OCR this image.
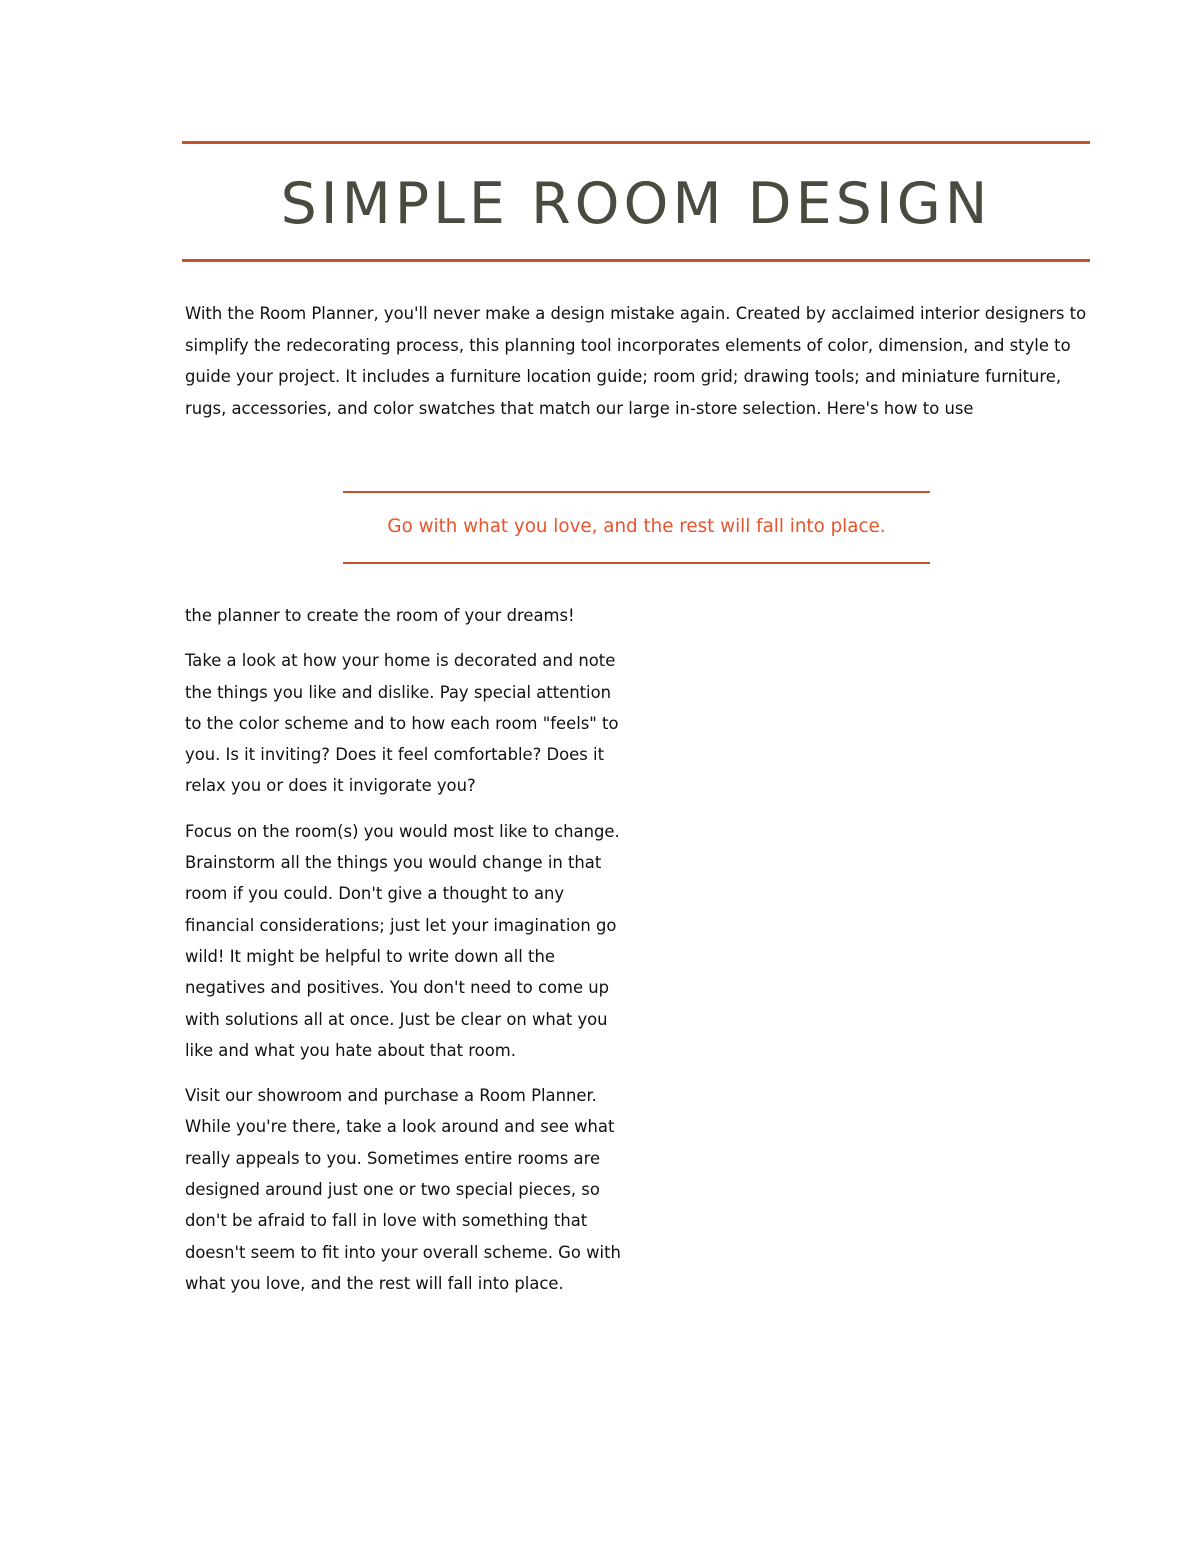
SIMPLE ROOM DESIGN

With the Room Planner, you'll never make a design mistake again. Created by acclaimed interior designers to simplify the redecorating process, this planning tool incorporates elements of color, dimension, and style to guide your project. It includes a furniture location guide; room grid; drawing tools; and miniature furniture, rugs, accessories, and color swatches that match our large in-store selection. Here's how to use

Go with what you love, and the rest will fall into place.

the planner to create the room of your dreams!

Take a look at how your home is decorated and note the things you like and dislike. Pay special attention to the color scheme and to how each room "feels" to you. Is it inviting? Does it feel comfortable? Does it relax you or does it invigorate you?

Focus on the room(s) you would most like to change. Brainstorm all the things you would change in that room if you could. Don't give a thought to any financial considerations; just let your imagination go wild! It might be helpful to write down all the negatives and positives. You don't need to come up with solutions all at once. Just be clear on what you like and what you hate about that room.

Visit our showroom and purchase a Room Planner. While you're there, take a look around and see what really appeals to you. Sometimes entire rooms are designed around just one or two special pieces, so don't be afraid to fall in love with something that doesn't seem to fit into your overall scheme. Go with what you love, and the rest will fall into place.
